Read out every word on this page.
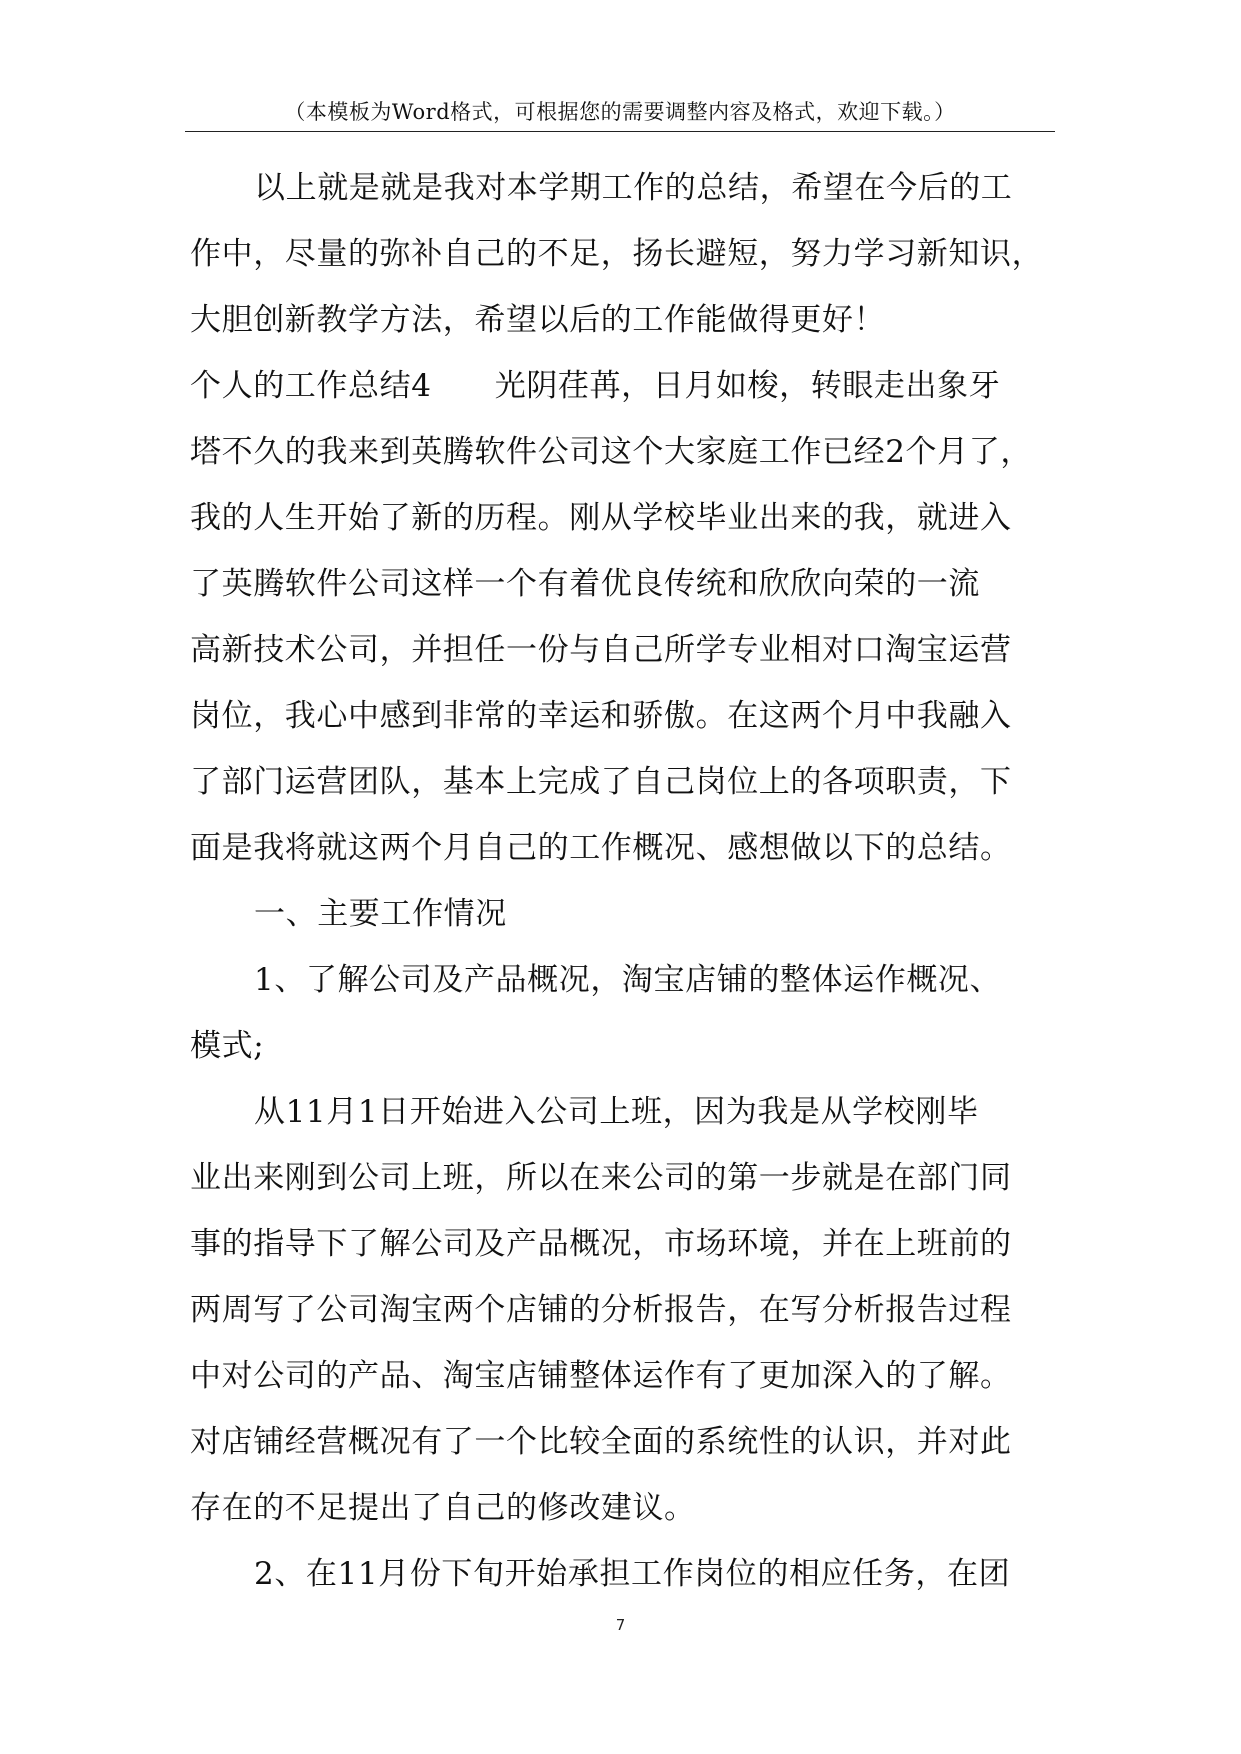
（本模板为Word格式，可根据您的需要调整内容及格式，欢迎下载。）
以上就是就是我对本学期工作的总结，希望在今后的工
作中，尽量的弥补自己的不足，扬长避短，努力学习新知识，
大胆创新教学方法，希望以后的工作能做得更好！
个人的工作总结4　　光阴荏苒，日月如梭，转眼走出象牙
塔不久的我来到英腾软件公司这个大家庭工作已经2个月了，
我的人生开始了新的历程。刚从学校毕业出来的我，就进入
了英腾软件公司这样一个有着优良传统和欣欣向荣的一流
高新技术公司，并担任一份与自己所学专业相对口淘宝运营
岗位，我心中感到非常的幸运和骄傲。在这两个月中我融入
了部门运营团队，基本上完成了自己岗位上的各项职责，下
面是我将就这两个月自己的工作概况、感想做以下的总结。
一、主要工作情况
1、了解公司及产品概况，淘宝店铺的整体运作概况、
模式;
从11月1日开始进入公司上班，因为我是从学校刚毕
业出来刚到公司上班，所以在来公司的第一步就是在部门同
事的指导下了解公司及产品概况，市场环境，并在上班前的
两周写了公司淘宝两个店铺的分析报告，在写分析报告过程
中对公司的产品、淘宝店铺整体运作有了更加深入的了解。
对店铺经营概况有了一个比较全面的系统性的认识，并对此
存在的不足提出了自己的修改建议。
2、在11月份下旬开始承担工作岗位的相应任务，在团
7
